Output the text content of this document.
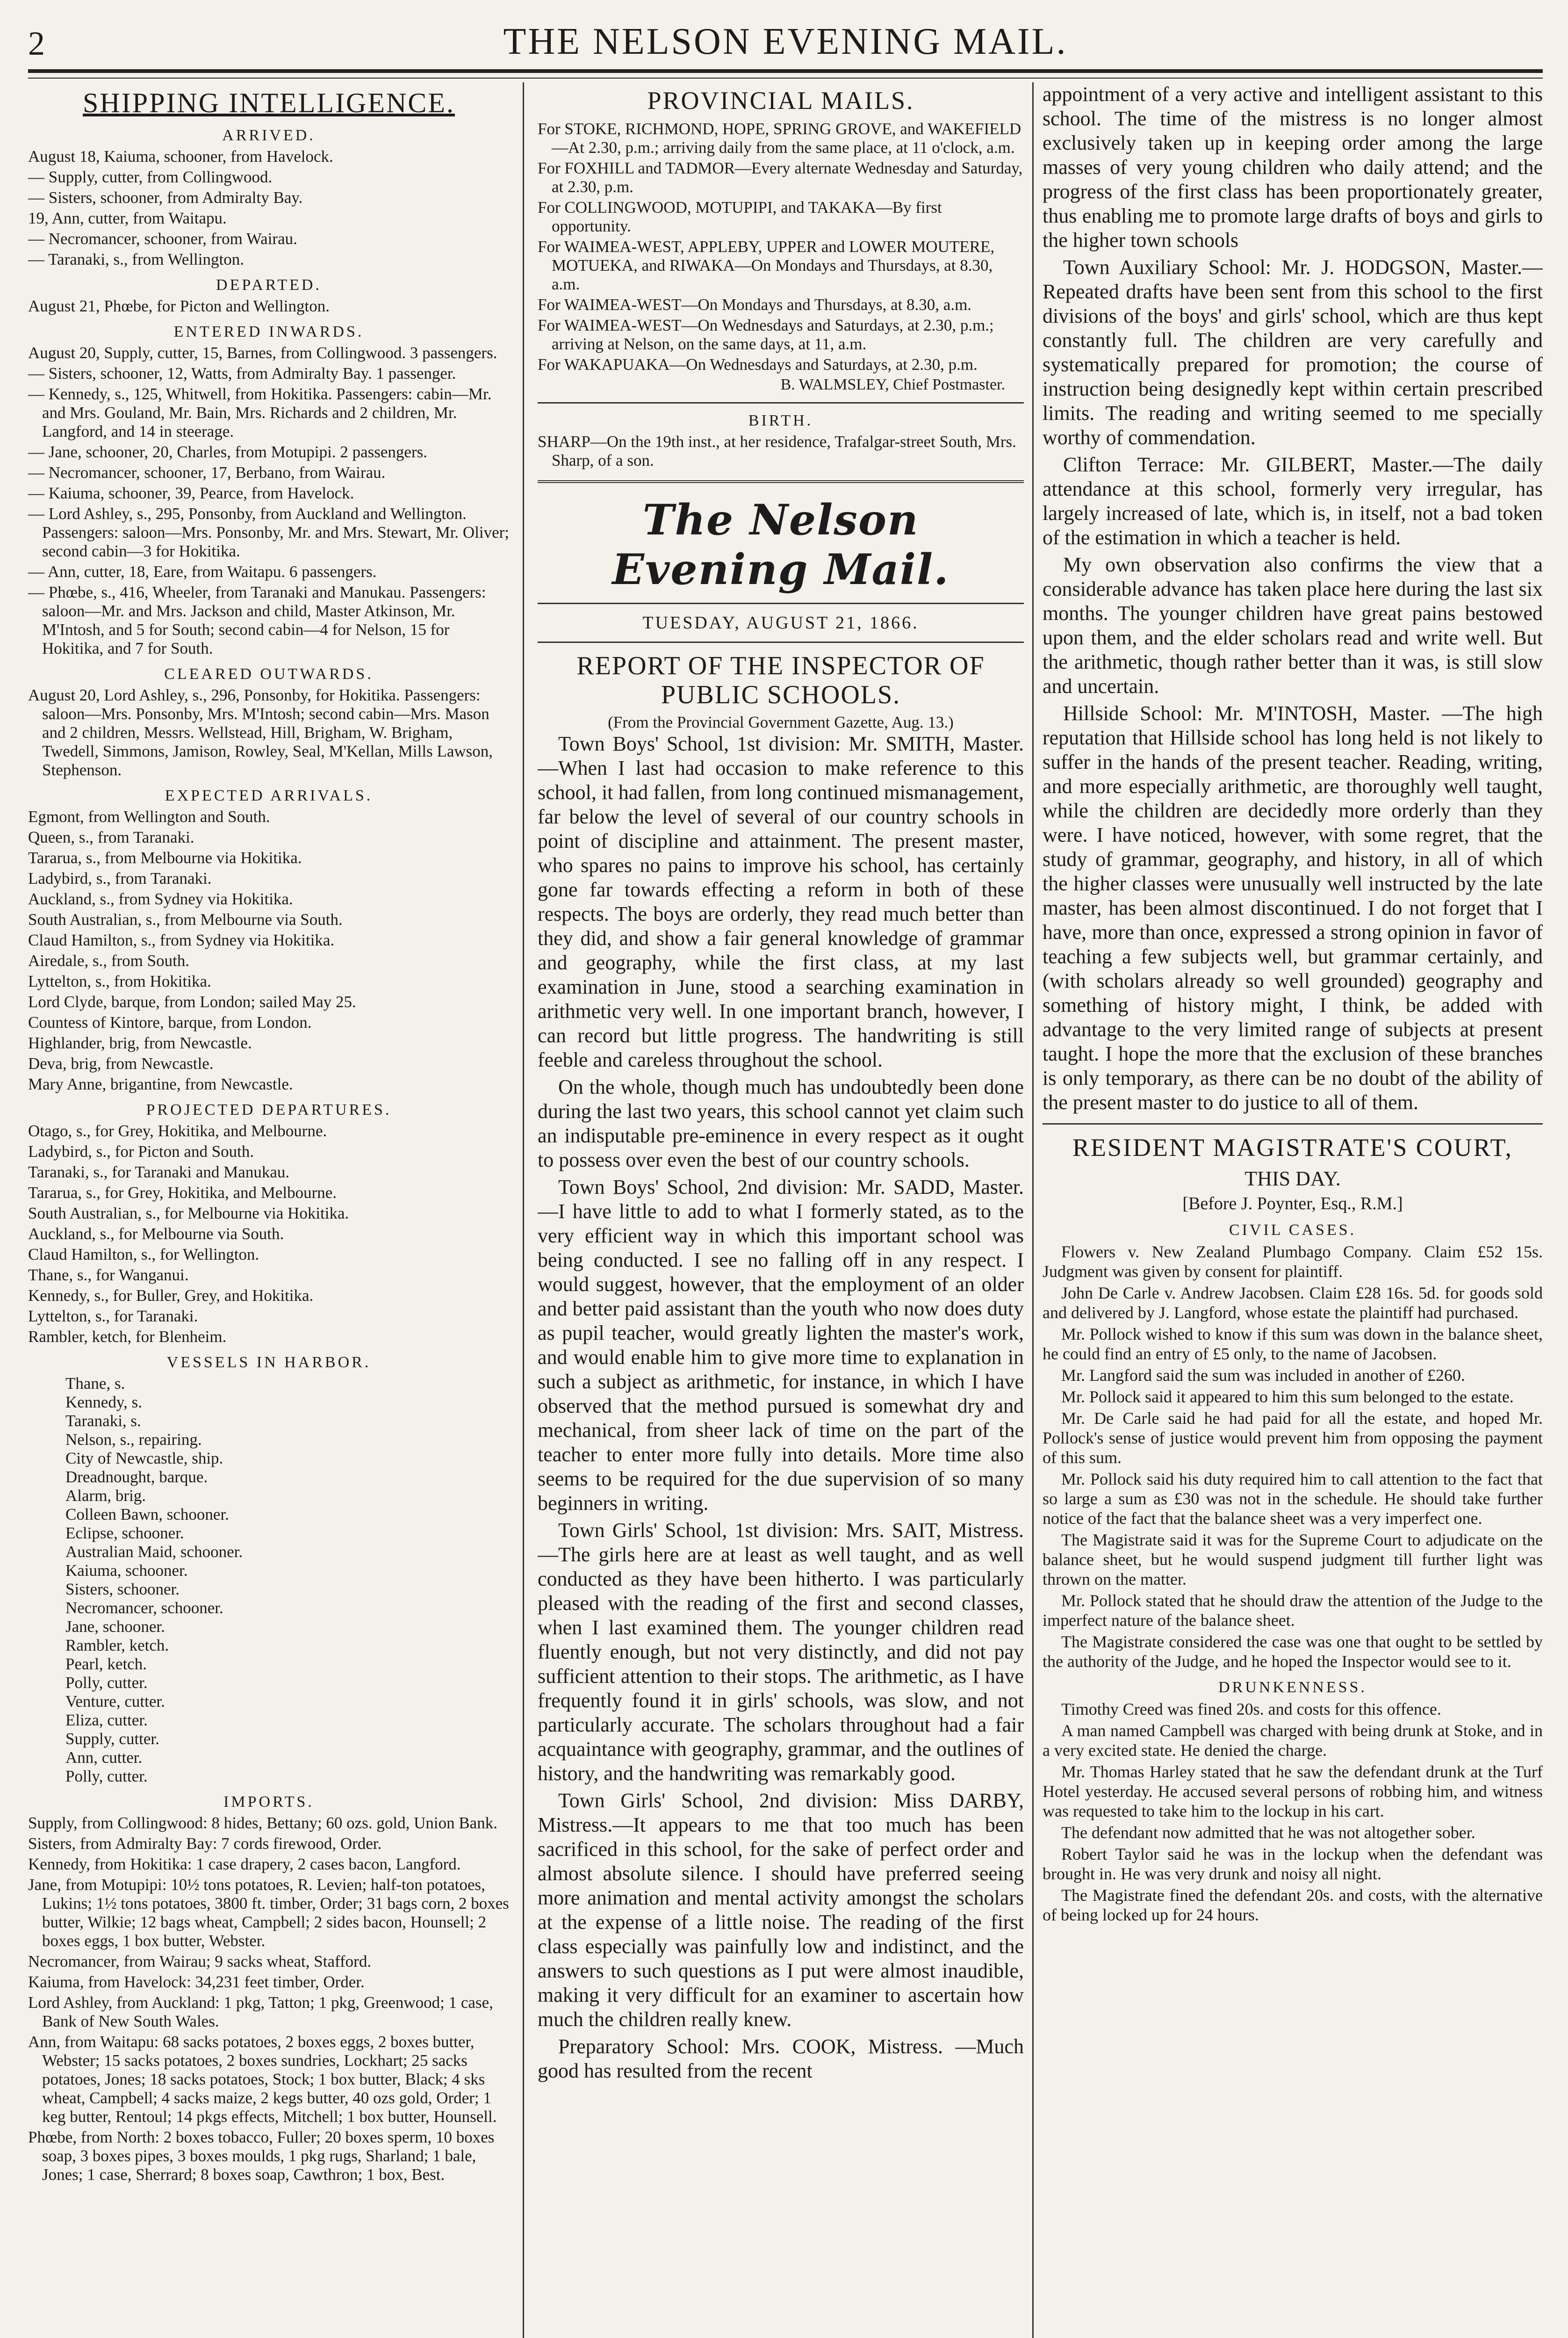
2	THE NELSON EVENING MAIL.
SHIPPING INTELLIGENCE.
ARRIVED.

August 18, Kaiuma, schooner, from Havelock.

— Supply, cutter, from Collingwood.

— Sisters, schooner, from Admiralty Bay.

19, Ann, cutter, from Waitapu.

— Necromancer, schooner, from Wairau.

— Taranaki, s., from Wellington.

DEPARTED.

August 21, Phœbe, for Picton and Wellington.

ENTERED INWARDS.

August 20, Supply, cutter, 15, Barnes, from Collingwood. 3 passengers.

— Sisters, schooner, 12, Watts, from Admiralty Bay. 1 passenger.

— Kennedy, s., 125, Whitwell, from Hokitika. Passengers: cabin—Mr. and Mrs. Gouland, Mr. Bain, Mrs. Richards and 2 children, Mr. Langford, and 14 in steerage.

— Jane, schooner, 20, Charles, from Motupipi. 2 passengers.

— Necromancer, schooner, 17, Berbano, from Wairau.

— Kaiuma, schooner, 39, Pearce, from Havelock.

— Lord Ashley, s., 295, Ponsonby, from Auckland and Wellington. Passengers: saloon—Mrs. Ponsonby, Mr. and Mrs. Stewart, Mr. Oliver; second cabin—3 for Hokitika.

— Ann, cutter, 18, Eare, from Waitapu. 6 passengers.

— Phœbe, s., 416, Wheeler, from Taranaki and Manukau. Passengers: saloon—Mr. and Mrs. Jackson and child, Master Atkinson, Mr. M'Intosh, and 5 for South; second cabin—4 for Nelson, 15 for Hokitika, and 7 for South.

CLEARED OUTWARDS.

August 20, Lord Ashley, s., 296, Ponsonby, for Hokitika. Passengers: saloon—Mrs. Ponsonby, Mrs. M'Intosh; second cabin—Mrs. Mason and 2 children, Messrs. Wellstead, Hill, Brigham, W. Brigham, Twedell, Simmons, Jamison, Rowley, Seal, M'Kellan, Mills Lawson, Stephenson.

EXPECTED ARRIVALS.

Egmont, from Wellington and South.

Queen, s., from Taranaki.

Tararua, s., from Melbourne via Hokitika.

Ladybird, s., from Taranaki.

Auckland, s., from Sydney via Hokitika.

South Australian, s., from Melbourne via South.

Claud Hamilton, s., from Sydney via Hokitika.

Airedale, s., from South.

Lyttelton, s., from Hokitika.

Lord Clyde, barque, from London; sailed May 25.

Countess of Kintore, barque, from London.

Highlander, brig, from Newcastle.

Deva, brig, from Newcastle.

Mary Anne, brigantine, from Newcastle.

PROJECTED DEPARTURES.

Otago, s., for Grey, Hokitika, and Melbourne.

Ladybird, s., for Picton and South.

Taranaki, s., for Taranaki and Manukau.

Tararua, s., for Grey, Hokitika, and Melbourne.

South Australian, s., for Melbourne via Hokitika.

Auckland, s., for Melbourne via South.

Claud Hamilton, s., for Wellington.

Thane, s., for Wanganui.

Kennedy, s., for Buller, Grey, and Hokitika.

Lyttelton, s., for Taranaki.

Rambler, ketch, for Blenheim.

VESSELS IN HARBOR.

Thane, s.

Kennedy, s.

Taranaki, s.

Nelson, s., repairing.

City of Newcastle, ship.

Dreadnought, barque.

Alarm, brig.

Colleen Bawn, schooner.

Eclipse, schooner.

Australian Maid, schooner.

Kaiuma, schooner.

Sisters, schooner.

Necromancer, schooner.

Jane, schooner.

Rambler, ketch.

Pearl, ketch.

Polly, cutter.

Venture, cutter.

Eliza, cutter.

Supply, cutter.

Ann, cutter.

Polly, cutter.

IMPORTS.

Supply, from Collingwood: 8 hides, Bettany; 60 ozs. gold, Union Bank.

Sisters, from Admiralty Bay: 7 cords firewood, Order.

Kennedy, from Hokitika: 1 case drapery, 2 cases bacon, Langford.

Jane, from Motupipi: 10½ tons potatoes, R. Levien; half-ton potatoes, Lukins; 1½ tons potatoes, 3800 ft. timber, Order; 31 bags corn, 2 boxes butter, Wilkie; 12 bags wheat, Campbell; 2 sides bacon, Hounsell; 2 boxes eggs, 1 box butter, Webster.

Necromancer, from Wairau; 9 sacks wheat, Stafford.

Kaiuma, from Havelock: 34,231 feet timber, Order.

Lord Ashley, from Auckland: 1 pkg, Tatton; 1 pkg, Greenwood; 1 case, Bank of New South Wales.

Ann, from Waitapu: 68 sacks potatoes, 2 boxes eggs, 2 boxes butter, Webster; 15 sacks potatoes, 2 boxes sundries, Lockhart; 25 sacks potatoes, Jones; 18 sacks potatoes, Stock; 1 box butter, Black; 4 sks wheat, Campbell; 4 sacks maize, 2 kegs butter, 40 ozs gold, Order; 1 keg butter, Rentoul; 14 pkgs effects, Mitchell; 1 box butter, Hounsell.

Phœbe, from North: 2 boxes tobacco, Fuller; 20 boxes sperm, 10 boxes soap, 3 boxes pipes, 3 boxes moulds, 1 pkg rugs, Sharland; 1 bale, Jones; 1 case, Sherrard; 8 boxes soap, Cawthron; 1 box, Best.

PROVINCIAL MAILS.

For STOKE, RICHMOND, HOPE, SPRING GROVE, and WAKEFIELD—At 2.30, p.m.; arriving daily from the same place, at 11 o'clock, a.m.

For FOXHILL and TADMOR—Every alternate Wednesday and Saturday, at 2.30, p.m.

For COLLINGWOOD, MOTUPIPI, and TAKAKA—By first opportunity.

For WAIMEA-WEST, APPLEBY, UPPER and LOWER MOUTERE, MOTUEKA, and RIWAKA—On Mondays and Thursdays, at 8.30, a.m.

For WAIMEA-WEST—On Mondays and Thursdays, at 8.30, a.m.

For WAIMEA-WEST—On Wednesdays and Saturdays, at 2.30, p.m.; arriving at Nelson, on the same days, at 11, a.m.

For WAKAPUAKA—On Wednesdays and Saturdays, at 2.30, p.m.

B. WALMSLEY, Chief Postmaster.
BIRTH.

SHARP—On the 19th inst., at her residence, Trafalgar-street South, Mrs. Sharp, of a son.

The Nelson Evening Mail.
TUESDAY, AUGUST 21, 1866.
REPORT OF THE INSPECTOR OF PUBLIC SCHOOLS.
(From the Provincial Government Gazette, Aug. 13.)

Town Boys' School, 1st division: Mr. SMITH, Master.—When I last had occasion to make reference to this school, it had fallen, from long continued mismanagement, far below the level of several of our country schools in point of discipline and attainment. The present master, who spares no pains to improve his school, has certainly gone far towards effecting a reform in both of these respects. The boys are orderly, they read much better than they did, and show a fair general knowledge of grammar and geography, while the first class, at my last examination in June, stood a searching examination in arithmetic very well. In one important branch, however, I can record but little progress. The handwriting is still feeble and careless throughout the school.

On the whole, though much has undoubtedly been done during the last two years, this school cannot yet claim such an indisputable pre-eminence in every respect as it ought to possess over even the best of our country schools.

Town Boys' School, 2nd division: Mr. SADD, Master.—I have little to add to what I formerly stated, as to the very efficient way in which this important school was being conducted. I see no falling off in any respect. I would suggest, however, that the employment of an older and better paid assistant than the youth who now does duty as pupil teacher, would greatly lighten the master's work, and would enable him to give more time to explanation in such a subject as arithmetic, for instance, in which I have observed that the method pursued is somewhat dry and mechanical, from sheer lack of time on the part of the teacher to enter more fully into details. More time also seems to be required for the due supervision of so many beginners in writing.

Town Girls' School, 1st division: Mrs. SAIT, Mistress.—The girls here are at least as well taught, and as well conducted as they have been hitherto. I was particularly pleased with the reading of the first and second classes, when I last examined them. The younger children read fluently enough, but not very distinctly, and did not pay sufficient attention to their stops. The arithmetic, as I have frequently found it in girls' schools, was slow, and not particularly accurate. The scholars throughout had a fair acquaintance with geography, grammar, and the outlines of history, and the handwriting was remarkably good.

Town Girls' School, 2nd division: Miss DARBY, Mistress.—It appears to me that too much has been sacrificed in this school, for the sake of perfect order and almost absolute silence. I should have preferred seeing more animation and mental activity amongst the scholars at the expense of a little noise. The reading of the first class especially was painfully low and indistinct, and the answers to such questions as I put were almost inaudible, making it very difficult for an examiner to ascertain how much the children really knew.

Preparatory School: Mrs. COOK, Mistress. —Much good has resulted from the recent

appointment of a very active and intelligent assistant to this school. The time of the mistress is no longer almost exclusively taken up in keeping order among the large masses of very young children who daily attend; and the progress of the first class has been proportionately greater, thus enabling me to promote large drafts of boys and girls to the higher town schools

Town Auxiliary School: Mr. J. HODGSON, Master.—Repeated drafts have been sent from this school to the first divisions of the boys' and girls' school, which are thus kept constantly full. The children are very carefully and systematically prepared for promotion; the course of instruction being designedly kept within certain prescribed limits. The reading and writing seemed to me specially worthy of commendation.

Clifton Terrace: Mr. GILBERT, Master.—The daily attendance at this school, formerly very irregular, has largely increased of late, which is, in itself, not a bad token of the estimation in which a teacher is held.

My own observation also confirms the view that a considerable advance has taken place here during the last six months. The younger children have great pains bestowed upon them, and the elder scholars read and write well. But the arithmetic, though rather better than it was, is still slow and uncertain.

Hillside School: Mr. M'INTOSH, Master. —The high reputation that Hillside school has long held is not likely to suffer in the hands of the present teacher. Reading, writing, and more especially arithmetic, are thoroughly well taught, while the children are decidedly more orderly than they were. I have noticed, however, with some regret, that the study of grammar, geography, and history, in all of which the higher classes were unusually well instructed by the late master, has been almost discontinued. I do not forget that I have, more than once, expressed a strong opinion in favor of teaching a few subjects well, but grammar certainly, and (with scholars already so well grounded) geography and something of history might, I think, be added with advantage to the very limited range of subjects at present taught. I hope the more that the exclusion of these branches is only temporary, as there can be no doubt of the ability of the present master to do justice to all of them.

RESIDENT MAGISTRATE'S COURT,
THIS DAY.
[Before J. Poynter, Esq., R.M.]
CIVIL CASES.

Flowers v. New Zealand Plumbago Company. Claim £52 15s. Judgment was given by consent for plaintiff.

John De Carle v. Andrew Jacobsen. Claim £28 16s. 5d. for goods sold and delivered by J. Langford, whose estate the plaintiff had purchased.

Mr. Pollock wished to know if this sum was down in the balance sheet, he could find an entry of £5 only, to the name of Jacobsen.

Mr. Langford said the sum was included in another of £260.

Mr. Pollock said it appeared to him this sum belonged to the estate.

Mr. De Carle said he had paid for all the estate, and hoped Mr. Pollock's sense of justice would prevent him from opposing the payment of this sum.

Mr. Pollock said his duty required him to call attention to the fact that so large a sum as £30 was not in the schedule. He should take further notice of the fact that the balance sheet was a very imperfect one.

The Magistrate said it was for the Supreme Court to adjudicate on the balance sheet, but he would suspend judgment till further light was thrown on the matter.

Mr. Pollock stated that he should draw the attention of the Judge to the imperfect nature of the balance sheet.

The Magistrate considered the case was one that ought to be settled by the authority of the Judge, and he hoped the Inspector would see to it.

DRUNKENNESS.

Timothy Creed was fined 20s. and costs for this offence.

A man named Campbell was charged with being drunk at Stoke, and in a very excited state. He denied the charge.

Mr. Thomas Harley stated that he saw the defendant drunk at the Turf Hotel yesterday. He accused several persons of robbing him, and witness was requested to take him to the lockup in his cart.

The defendant now admitted that he was not altogether sober.

Robert Taylor said he was in the lockup when the defendant was brought in. He was very drunk and noisy all night.

The Magistrate fined the defendant 20s. and costs, with the alternative of being locked up for 24 hours.
